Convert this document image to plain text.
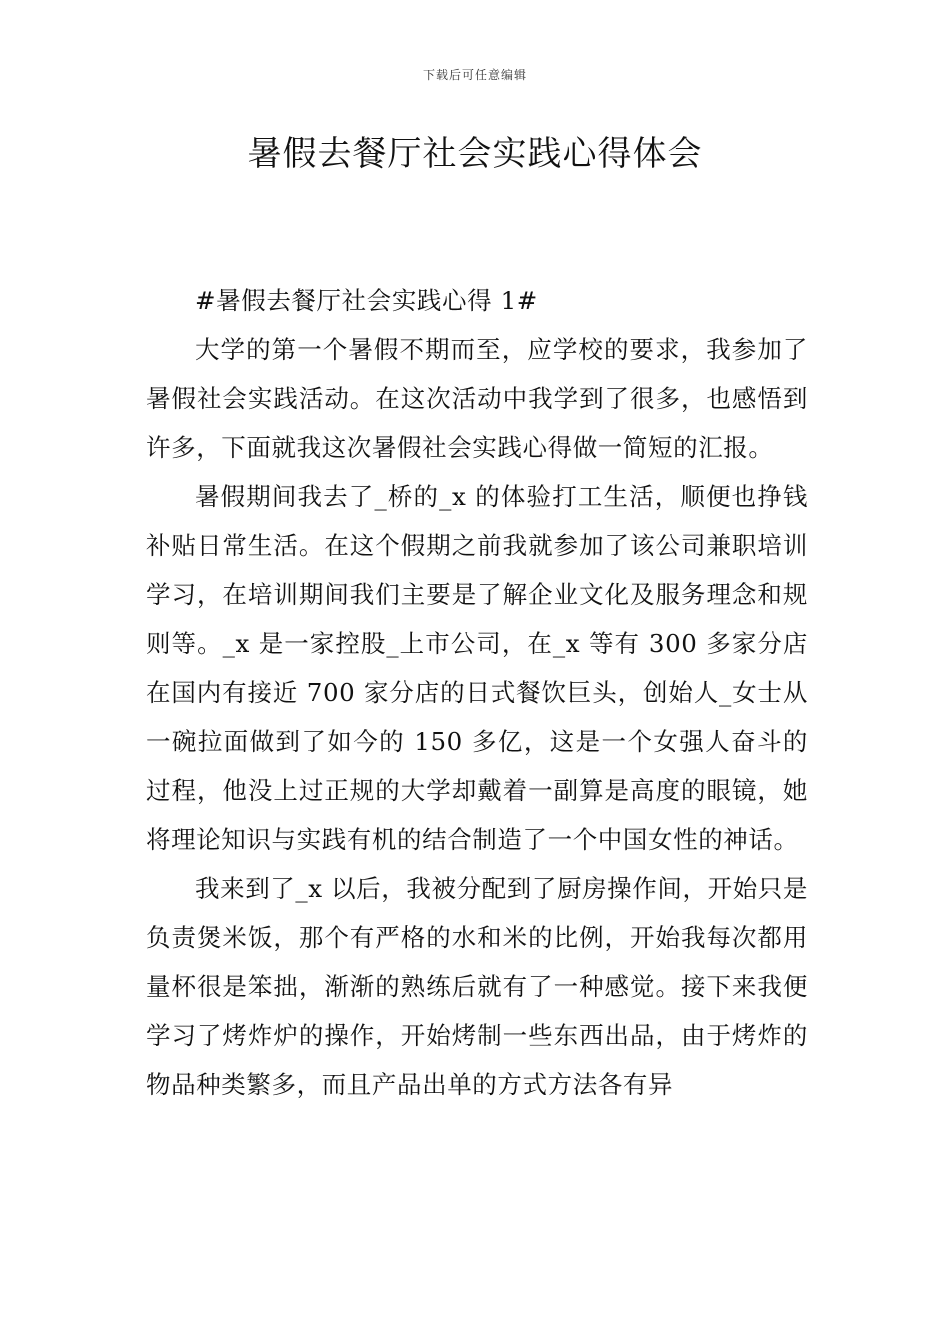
下载后可任意编辑
暑假去餐厅社会实践心得体会

#暑假去餐厅社会实践心得 1#

大学的第一个暑假不期而至，应学校的要求，我参加了暑假社会实践活动。在这次活动中我学到了很多，也感悟到许多，下面就我这次暑假社会实践心得做一简短的汇报。

暑假期间我去了_桥的_x 的体验打工生活，顺便也挣钱补贴日常生活。在这个假期之前我就参加了该公司兼职培训学习，在培训期间我们主要是了解企业文化及服务理念和规则等。_x 是一家控股_上市公司，在_x 等有 300 多家分店在国内有接近 700 家分店的日式餐饮巨头，创始人_女士从一碗拉面做到了如今的 150 多亿，这是一个女强人奋斗的过程，他没上过正规的大学却戴着一副算是高度的眼镜，她将理论知识与实践有机的结合制造了一个中国女性的神话。

我来到了_x 以后，我被分配到了厨房操作间，开始只是负责煲米饭，那个有严格的水和米的比例，开始我每次都用量杯很是笨拙，渐渐的熟练后就有了一种感觉。接下来我便学习了烤炸炉的操作，开始烤制一些东西出品，由于烤炸的物品种类繁多，而且产品出单的方式方法各有异
